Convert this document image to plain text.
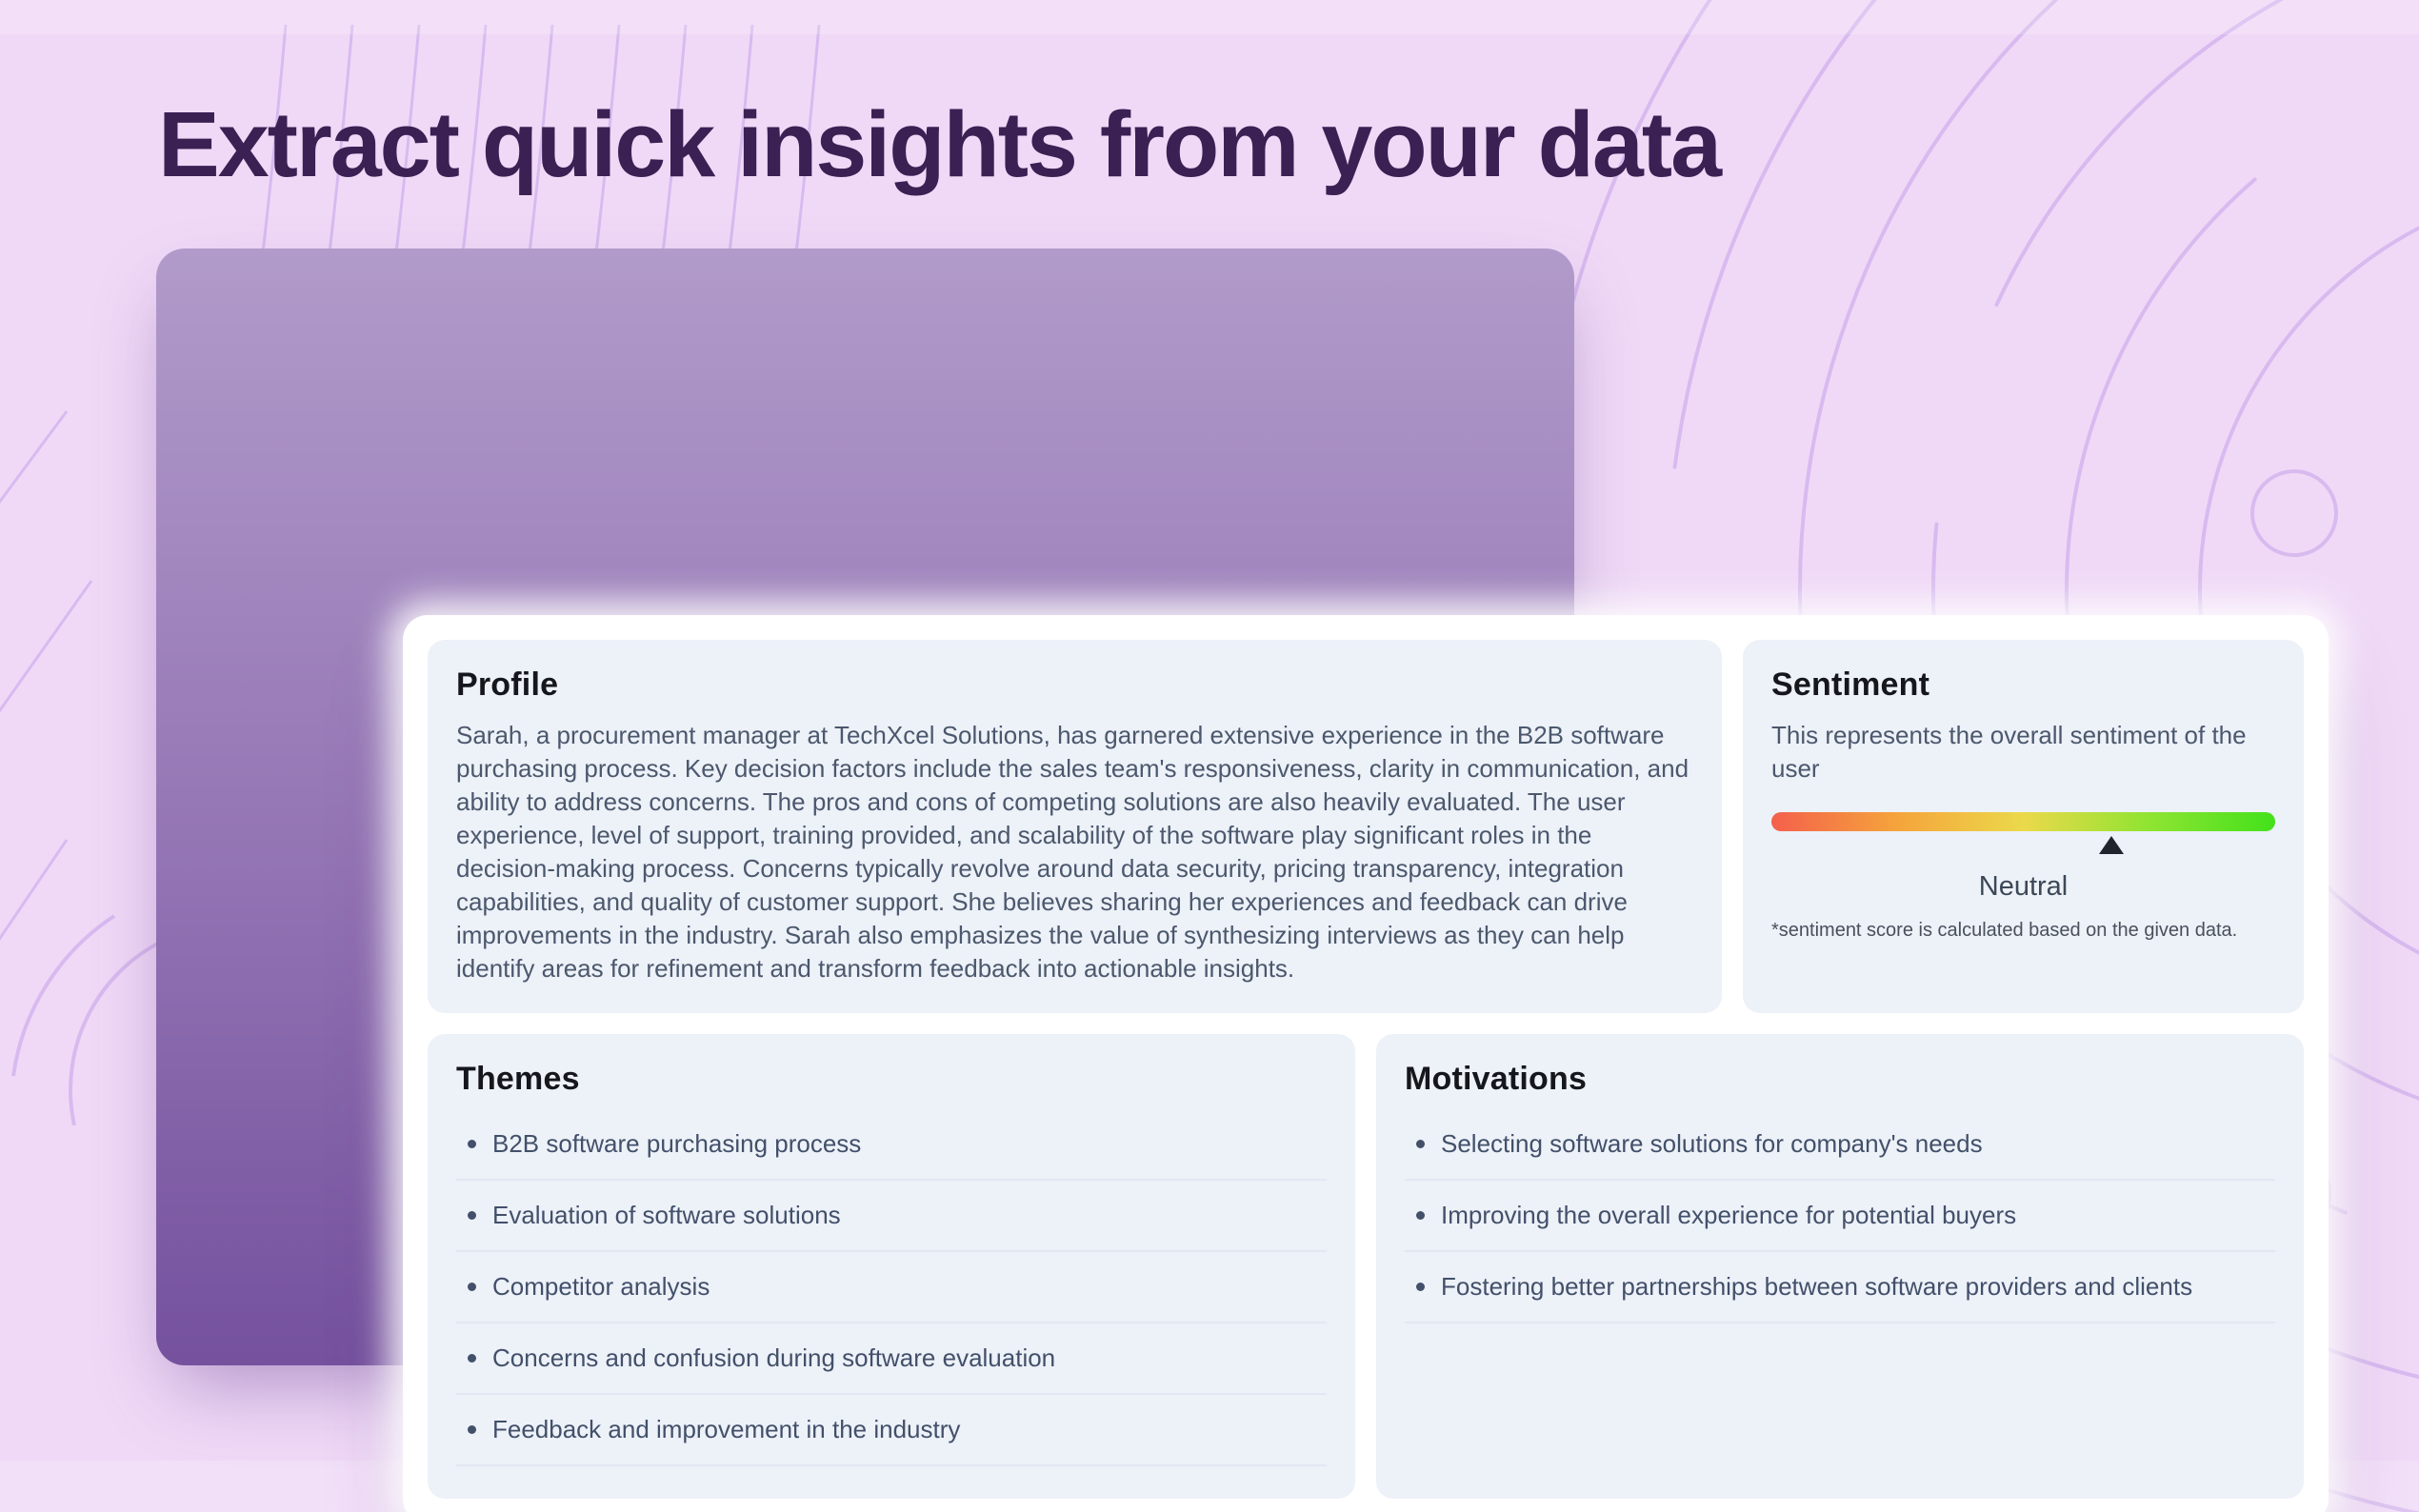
Extract quick insights from your data
Profile

Sarah, a procurement manager at TechXcel Solutions, has garnered extensive experience in the B2B software purchasing process. Key decision factors include the sales team's responsiveness, clarity in communication, and ability to address concerns. The pros and cons of competing solutions are also heavily evaluated. The user experience, level of support, training provided, and scalability of the software play significant roles in the decision-making process. Concerns typically revolve around data security, pricing transparency, integration capabilities, and quality of customer support. She believes sharing her experiences and feedback can drive improvements in the industry. Sarah also emphasizes the value of synthesizing interviews as they can help identify areas for refinement and transform feedback into actionable insights.

Sentiment

This represents the overall sentiment of the user

Neutral
*sentiment score is calculated based on the given data.
Themes
B2B software purchasing process
Evaluation of software solutions
Competitor analysis
Concerns and confusion during software evaluation
Feedback and improvement in the industry
Motivations
Selecting software solutions for company's needs
Improving the overall experience for potential buyers
Fostering better partnerships between software providers and clients
